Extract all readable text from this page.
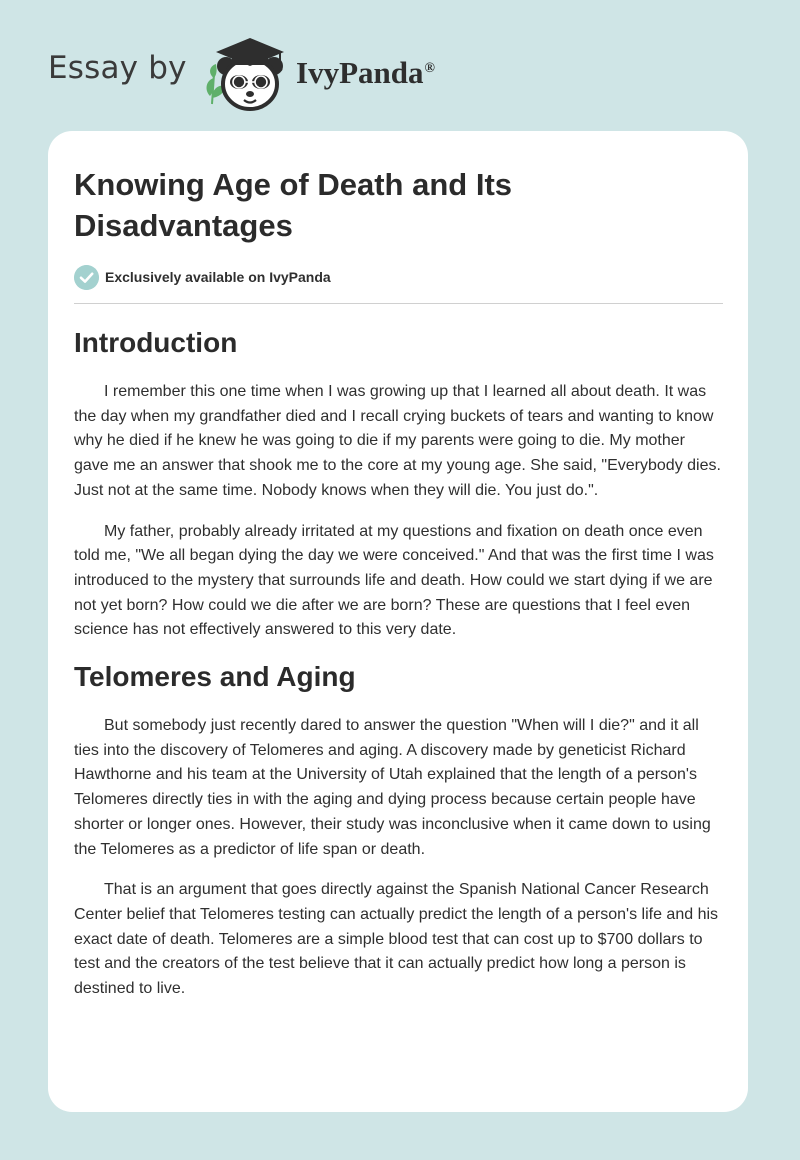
Essay by	IvyPanda®
Knowing Age of Death and Its Disadvantages
Exclusively available on IvyPanda
Introduction

I remember this one time when I was growing up that I learned all about death. It was the day when my grandfather died and I recall crying buckets of tears and wanting to know why he died if he knew he was going to die if my parents were going to die. My mother gave me an answer that shook me to the core at my young age. She said, "Everybody dies. Just not at the same time. Nobody knows when they will die. You just do.".

My father, probably already irritated at my questions and fixation on death once even told me, "We all began dying the day we were conceived." And that was the first time I was introduced to the mystery that surrounds life and death. How could we start dying if we are not yet born? How could we die after we are born? These are questions that I feel even science has not effectively answered to this very date.

Telomeres and Aging

But somebody just recently dared to answer the question "When will I die?" and it all ties into the discovery of Telomeres and aging. A discovery made by geneticist Richard Hawthorne and his team at the University of Utah explained that the length of a person's Telomeres directly ties in with the aging and dying process because certain people have shorter or longer ones. However, their study was inconclusive when it came down to using the Telomeres as a predictor of life span or death.

That is an argument that goes directly against the Spanish National Cancer Research Center belief that Telomeres testing can actually predict the length of a person's life and his exact date of death. Telomeres are a simple blood test that can cost up to $700 dollars to test and the creators of the test believe that it can actually predict how long a person is destined to live.
